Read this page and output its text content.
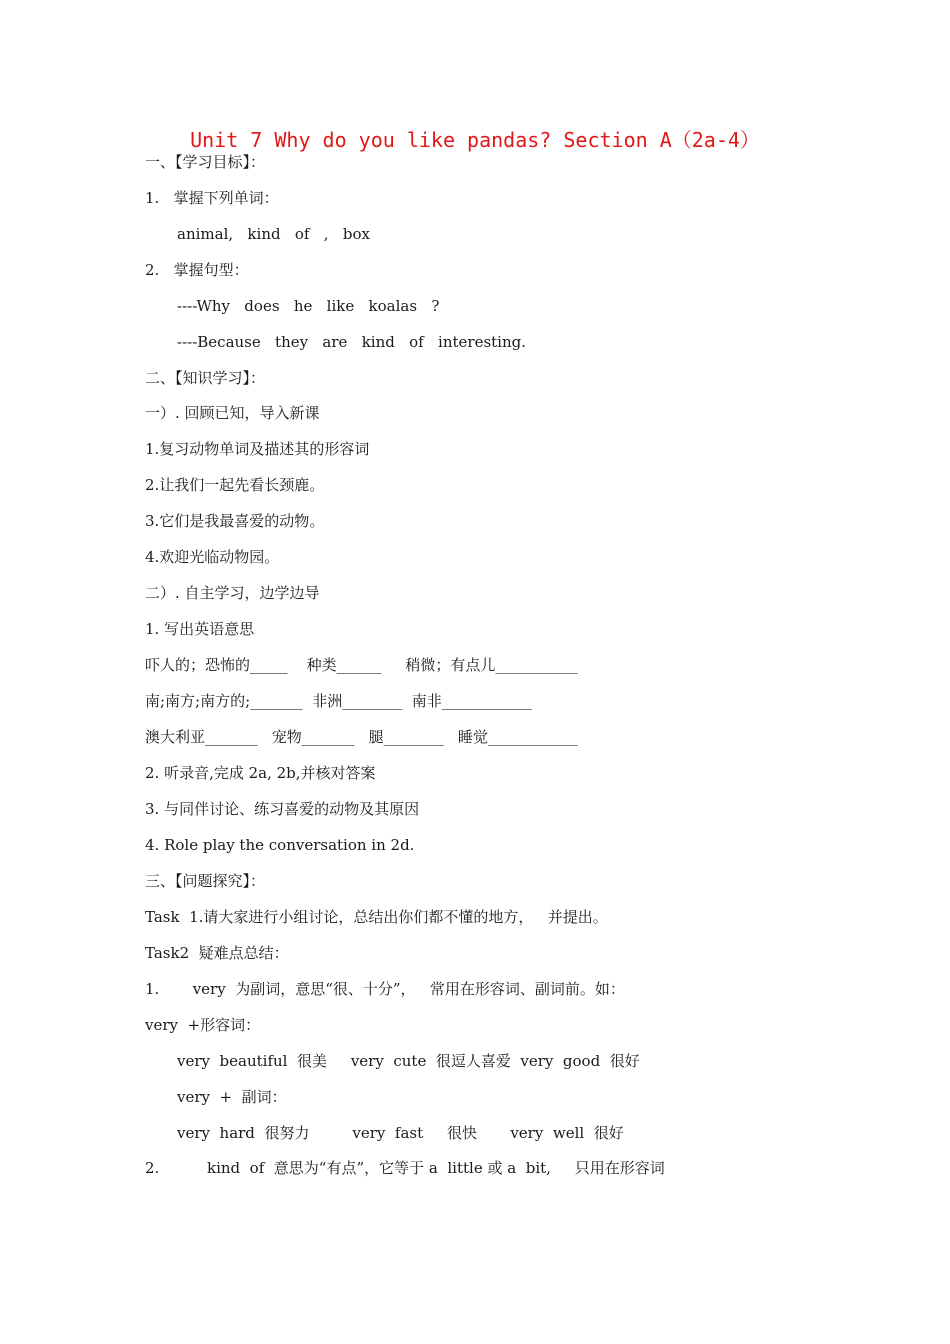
Unit 7 Why do you like pandas? Section A（2a-4）
一、【学习目标】：
1.   掌握下列单词：
animal,   kind   of   ,   box
2.   掌握句型：
----Why   does   he   like   koalas   ?
----Because   they   are   kind   of   interesting.
二、【知识学习】：
一）. 回顾已知，导入新课
1.复习动物单词及描述其的形容词
2.让我们一起先看长颈鹿。
3.它们是我最喜爱的动物。
4.欢迎光临动物园。
二）. 自主学习，边学边导
1. 写出英语意思
吓人的；恐怖的_____    种类______     稍微；有点儿___________
南;南方;南方的;_______  非洲________  南非____________
澳大利亚_______   宠物_______   腿________   睡觉____________
2. 听录音,完成 2a, 2b,并核对答案
3. 与同伴讨论、练习喜爱的动物及其原因
4. Role play the conversation in 2d.
三、【问题探究】：
Task  1.请大家进行小组讨论，总结出你们都不懂的地方，   并提出。
Task2  疑难点总结：
1.       very  为副词，意思“很、十分”，   常用在形容词、副词前。如：
very  +形容词：
very  beautiful  很美     very  cute  很逗人喜爱  very  good  很好
very  +  副词：
very  hard  很努力         very  fast     很快       very  well  很好
2.          kind  of  意思为“有点”，它等于 a  little 或 a  bit,     只用在形容词
